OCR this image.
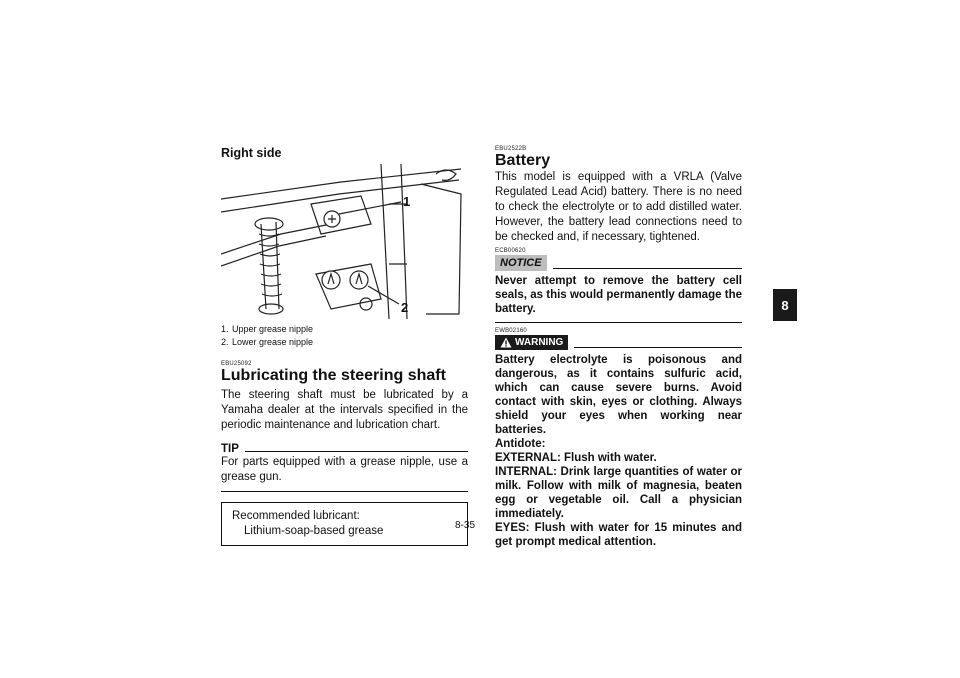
Right side
1
2
1. Upper grease nipple
2. Lower grease nipple
EBU25092
Lubricating the steering shaft

The steering shaft must be lubricated by a Yamaha dealer at the intervals specified in the periodic maintenance and lubrication chart.

TIP

For parts equipped with a grease nipple, use a grease gun.

Recommended lubricant:
Lithium-soap-based grease
EBU2522B
Battery

This model is equipped with a VRLA (Valve Regulated Lead Acid) battery. There is no need to check the electrolyte or to add distilled water. However, the battery lead connections need to be checked and, if necessary, tightened.

ECB00620
NOTICE

Never attempt to remove the battery cell seals, as this would permanently damage the battery.

EWB02160
WARNING

Battery electrolyte is poisonous and dangerous, as it contains sulfuric acid, which can cause severe burns. Avoid contact with skin, eyes or clothing. Always shield your eyes when working near batteries.

Antidote:

EXTERNAL: Flush with water.

INTERNAL: Drink large quantities of water or milk. Follow with milk of magnesia, beaten egg or vegetable oil. Call a physician immediately.

EYES: Flush with water for 15 minutes and get prompt medical attention.

8-35
8
